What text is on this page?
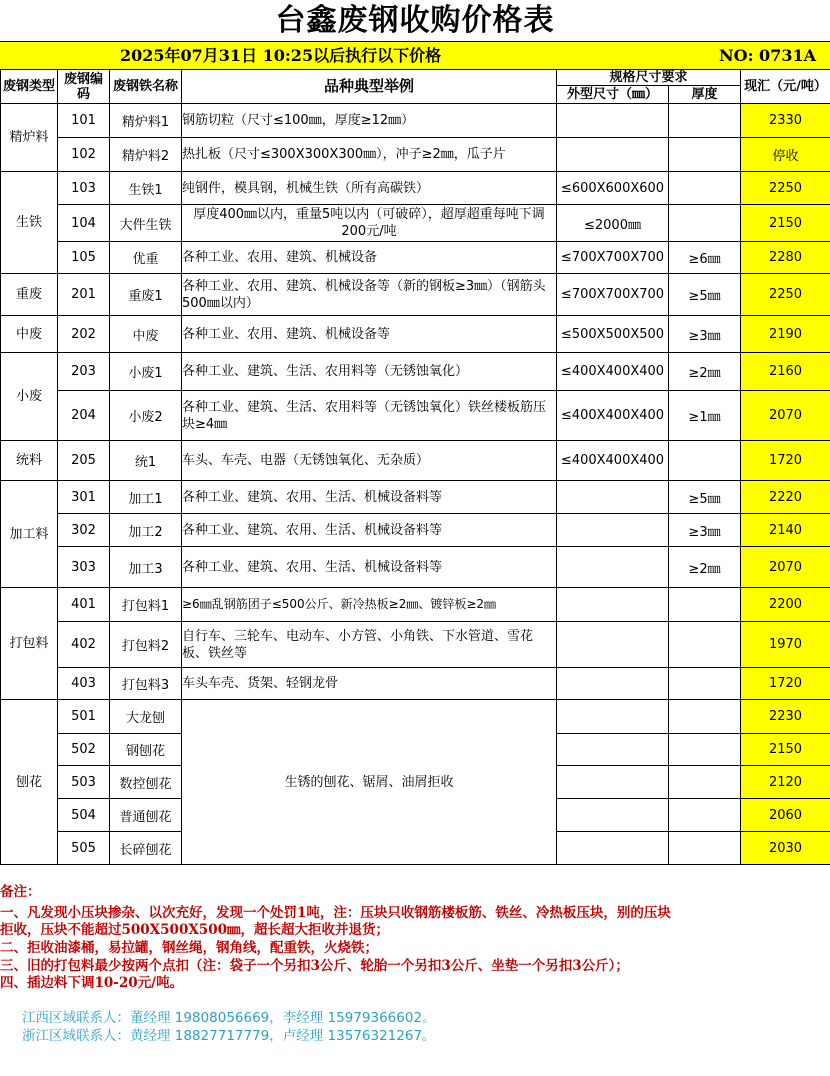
台鑫废钢收购价格表
2025年07月31日 10:25以后执行以下价格	NO: 0731A
废钢类型	废钢编码	废钢铁名称	品种典型举例	规格尺寸要求		现汇（元/吨）
				外型尺寸（㎜）	厚度	
精炉料	101	精炉料1	钢筋切粒（尺寸≤100㎜，厚度≥12㎜）			2330
	102	精炉料2	热扎板（尺寸≤300X300X300㎜），冲子≥2㎜，瓜子片			停收
生铁	103	生铁1	纯钢件，模具钢，机械生铁（所有高碳铁）	≤600X600X600		2250
	104	大件生铁	厚度400㎜以内，重量5吨以内（可破碎），超厚超重每吨下调200元/吨	≤2000㎜		2150
	105	优重	各种工业、农用、建筑、机械设备	≤700X700X700	≥6㎜	2280
重废	201	重废1	各种工业、农用、建筑、机械设备等（新的钢板≥3㎜）（钢筋头500㎜以内）	≤700X700X700	≥5㎜	2250
中废	202	中废	各种工业、农用、建筑、机械设备等	≤500X500X500	≥3㎜	2190
小废	203	小废1	各种工业、建筑、生活、农用料等（无锈蚀氧化）	≤400X400X400	≥2㎜	2160
	204	小废2	各种工业、建筑、生活、农用料等（无锈蚀氧化）铁丝楼板筋压块≥4㎜	≤400X400X400	≥1㎜	2070
统料	205	统1	车头、车壳、电器（无锈蚀氧化、无杂质）	≤400X400X400		1720
加工料	301	加工1	各种工业、建筑、农用、生活、机械设备料等		≥5㎜	2220
	302	加工2	各种工业、建筑、农用、生活、机械设备料等		≥3㎜	2140
	303	加工3	各种工业、建筑、农用、生活、机械设备料等		≥2㎜	2070
打包料	401	打包料1	≥6㎜乱钢筋团子≤500公斤、新冷热板≥2㎜、镀锌板≥2㎜			2200
	402	打包料2	自行车、三轮车、电动车、小方管、小角铁、下水管道、雪花板、铁丝等			1970
	403	打包料3	车头车壳、货架、轻钢龙骨			1720
刨花	501	大龙刨	生锈的刨花、锯屑、油屑拒收			2230
	502	钢刨花				2150
	503	数控刨花				2120
	504	普通刨花				2060
	505	长碎刨花				2030
备注：
一、凡发现小压块掺杂、以次充好，发现一个处罚1吨，注：压块只收钢筋楼板筋、铁丝、冷热板压块，别的压块
拒收，压块不能超过500X500X500㎜，超长超大拒收并退货；
二、拒收油漆桶，易拉罐，钢丝绳，钢角线，配重铁，火烧铁；
三、旧的打包料最少按两个点扣（注：袋子一个另扣3公斤、轮胎一个另扣3公斤、坐垫一个另扣3公斤）；
四、插边料下调10-20元/吨。
江西区域联系人：董经理 19808056669，李经理 15979366602。
浙江区域联系人：黄经理 18827717779，卢经理 13576321267。
